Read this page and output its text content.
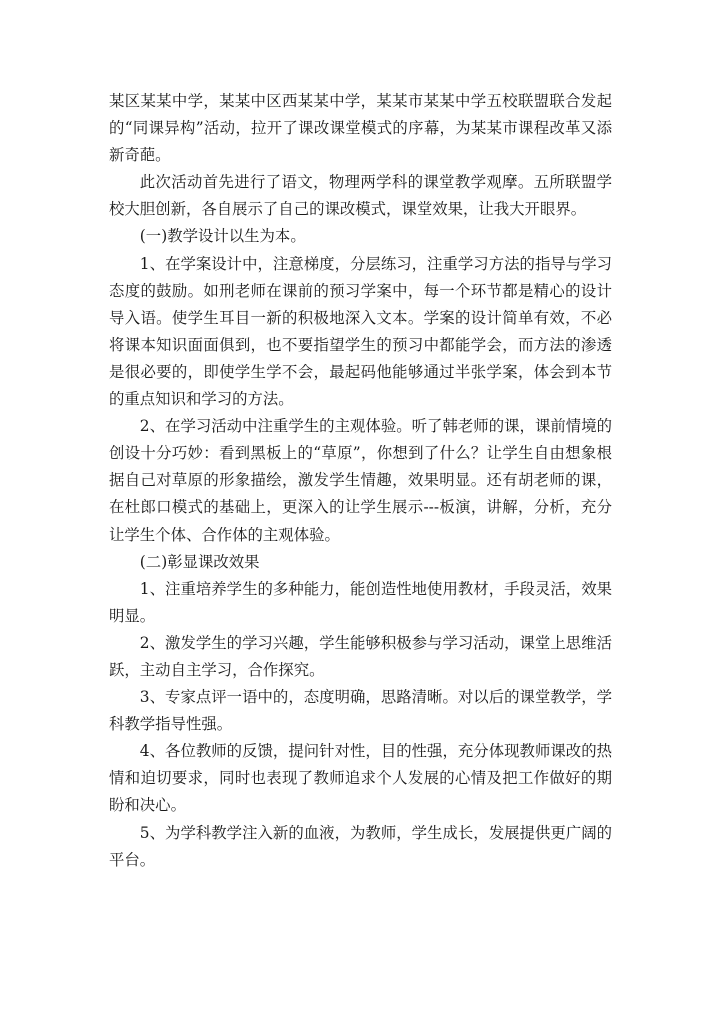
某区某某中学，某某中区西某某中学，某某市某某中学五校联盟联合发起的“同课异构”活动，拉开了课改课堂模式的序幕，为某某市课程改革又添新奇葩。

此次活动首先进行了语文，物理两学科的课堂教学观摩。五所联盟学校大胆创新，各自展示了自己的课改模式，课堂效果，让我大开眼界。

(一)教学设计以生为本。

1、在学案设计中，注意梯度，分层练习，注重学习方法的指导与学习态度的鼓励。如刑老师在课前的预习学案中，每一个环节都是精心的设计导入语。使学生耳目一新的积极地深入文本。学案的设计简单有效，不必将课本知识面面俱到，也不要指望学生的预习中都能学会，而方法的渗透是很必要的，即使学生学不会，最起码他能够通过半张学案，体会到本节的重点知识和学习的方法。

2、在学习活动中注重学生的主观体验。听了韩老师的课，课前情境的创设十分巧妙：看到黑板上的“草原”，你想到了什么？让学生自由想象根据自己对草原的形象描绘，激发学生情趣，效果明显。还有胡老师的课，在杜郎口模式的基础上，更深入的让学生展示---板演，讲解，分析，充分让学生个体、合作体的主观体验。

(二)彰显课改效果

1、注重培养学生的多种能力，能创造性地使用教材，手段灵活，效果明显。

2、激发学生的学习兴趣，学生能够积极参与学习活动，课堂上思维活跃，主动自主学习，合作探究。

3、专家点评一语中的，态度明确，思路清晰。对以后的课堂教学，学科教学指导性强。

4、各位教师的反馈，提问针对性，目的性强，充分体现教师课改的热情和迫切要求，同时也表现了教师追求个人发展的心情及把工作做好的期盼和决心。

5、为学科教学注入新的血液，为教师，学生成长，发展提供更广阔的平台。
